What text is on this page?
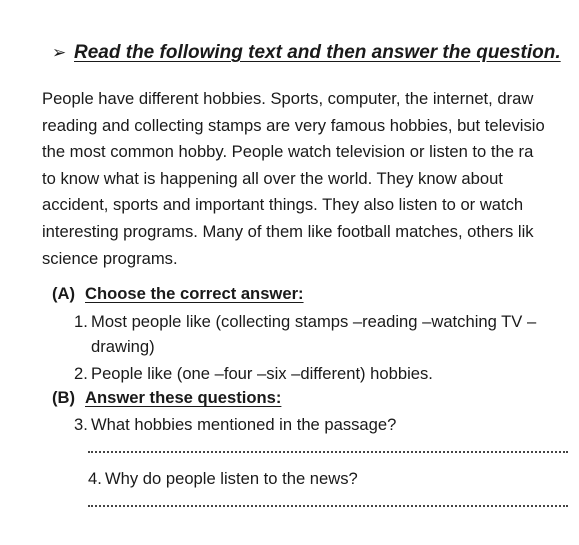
➢ Read the following text and then answer the question.
People have different hobbies. Sports, computer, the internet, draw
reading and collecting stamps are very famous hobbies, but televisio
the most common hobby. People watch television or listen to the ra
to know what is happening all over the world. They know about
accident, sports and important things. They also listen to or watch
interesting programs. Many of them like football matches, others lik
science programs.
(A) Choose the correct answer:
1. Most people like (collecting stamps –reading –watching TV –
drawing)
2. People like (one –four –six –different) hobbies.
(B) Answer these questions:
3. What hobbies mentioned in the passage?
4. Why do people listen to the news?
